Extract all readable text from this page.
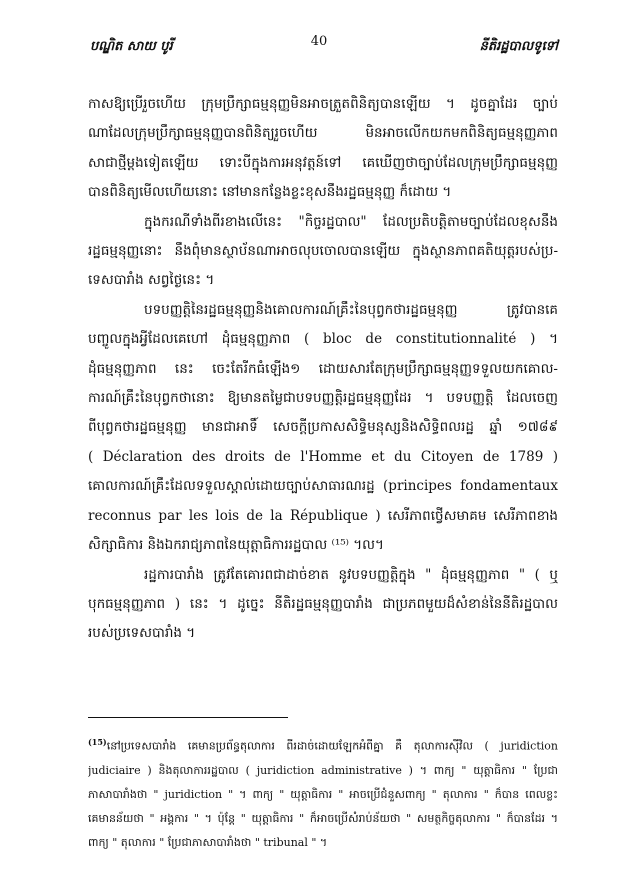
បណ្ឌិត សាយ បូរី	40	នីតិរដ្ឋបាលទូទៅ
កាសឱ្យប្រើរួចហើយ ក្រុមប្រឹក្សាធម្មនុញ្ញមិនអាចត្រួតពិនិត្យបានឡើយ ។ ដូចគ្នាដែរ ច្បាប់
ណាដែលក្រុមប្រឹក្សាធម្មនុញ្ញបានពិនិត្យរួចហើយ មិនអាចលើកយកមកពិនិត្យធម្មនុញ្ញភាព
សាជាថ្មីម្ដងទៀតឡើយ ទោះបីក្នុងការអនុវត្តន៍ទៅ គេឃើញថាច្បាប់ដែលក្រុមប្រឹក្សាធម្មនុញ្ញ
បានពិនិត្យមើលហើយនោះ នៅមានកន្លែងខ្លះខុសនឹងរដ្ឋធម្មនុញ្ញ ក៏ដោយ ។
ក្នុងករណីទាំងពីរខាងលើនេះ "កិច្ចរដ្ឋបាល" ដែលប្រតិបត្តិតាមច្បាប់ដែលខុសនឹង
រដ្ឋធម្មនុញ្ញនោះ នឹងពុំមានស្ថាប័នណាអាចលុបចោលបានឡើយ ក្នុងស្ថានភាពគតិយុត្តរបស់ប្រ-
ទេសបារាំង សព្វថ្ងៃនេះ ។
បទបញ្ញត្តិនៃរដ្ឋធម្មនុញ្ញនិងគោលការណ៍គ្រឹះនៃបុព្វកថារដ្ឋធម្មនុញ្ញ ត្រូវបានគេ
បញ្ចូលក្នុងអ្វីដែលគេហៅ ដុំធម្មនុញ្ញភាព ( bloc de constitutionnalité ) ។
ដុំធម្មនុញ្ញភាព នេះ ចេះតែរីកធំឡើង១ ដោយសារតែក្រុមប្រឹក្សាធម្មនុញ្ញទទួលយកគោល-
ការណ៍គ្រឹះនៃបុព្វកថានោះ ឱ្យមានតម្លៃជាបទបញ្ញត្តិរដ្ឋធម្មនុញ្ញដែរ ។ បទបញ្ញត្តិ ដែលចេញ
ពីបុព្វកថារដ្ឋធម្មនុញ្ញ មានជាអាទិ៍ សេចក្ដីប្រកាសសិទ្ធិមនុស្សនិងសិទ្ធិពលរដ្ឋ ឆ្នាំ ១៧៨៩
( Déclaration des droits de l'Homme et du Citoyen de 1789 )
គោលការណ៍គ្រឹះដែលទទួលស្គាល់ដោយច្បាប់សាធារណរដ្ឋ (principes fondamentaux
reconnus par les lois de la République ) សេរីភាពថ្វើសមាគម សេរីភាពខាង
សិក្សាធិការ និងឯករាជ្យភាពនៃយុត្តាធិការរដ្ឋបាល ⁽¹⁵⁾ ។ល។
រដ្ឋការបារាំង ត្រូវតែគោរពជាដាច់ខាត នូវបទបញ្ញត្តិក្នុង " ដុំធម្មនុញ្ញភាព " ( ឬ
បុកធម្មនុញ្ញភាព ) នេះ ។ ដូច្នេះ នីតិរដ្ឋធម្មនុញ្ញបារាំង ជាប្រភពមួយដ៏សំខាន់នៃនីតិរដ្ឋបាល
របស់ប្រទេសបារាំង ។
$^{(15)}$នៅប្រទេសបារាំង គេមានប្រព័ន្ធតុលាការ ពីរដាច់ដោយឡែកអំពីគ្នា គឺ តុលាការស៊ីវិល ( juridiction
judiciaire ) និងតុលាការរដ្ឋបាល ( juridiction administrative ) ។ ពាក្យ " យុត្តាធិការ " ប្រែជា
ភាសាបារាំងថា " juridiction " ។ ពាក្យ " យុត្តាធិការ " អាចប្រើជំនួសពាក្យ " តុលាការ " ក៏បាន ពេលខ្លះ
គេមានន័យថា " អង្គការ " ។ ប៉ុន្តែ " យុត្តាធិការ " ក៏អាចប្រើសំរាប់ន័យថា " សមត្ថកិច្ចតុលាការ " ក៏បានដែរ ។
ពាក្យ " តុលាការ " ប្រែជាភាសាបារាំងថា " tribunal " ។
